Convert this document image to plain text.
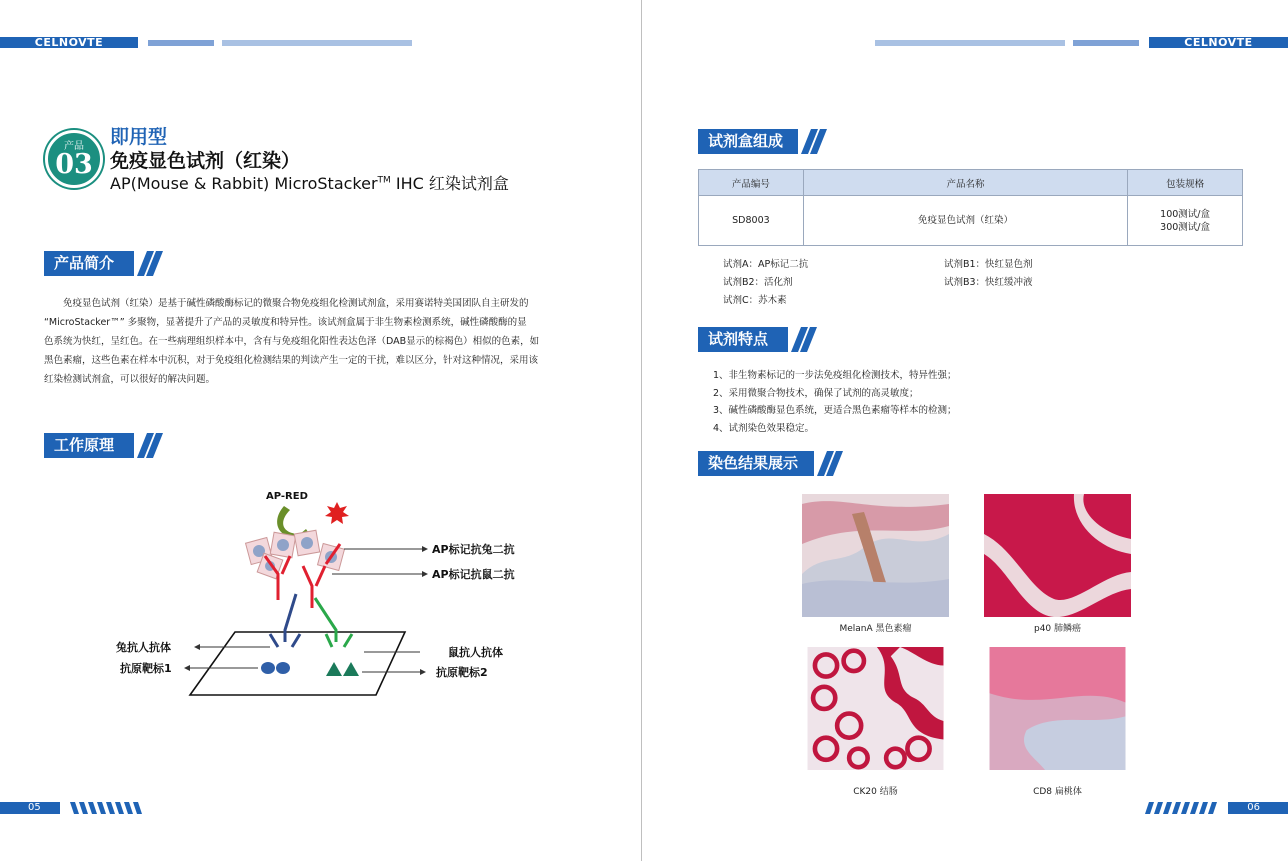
CELNOVTE
产品
03
即用型
免疫显色试剂（红染）
AP(Mouse & Rabbit) MicroStacker™ IHC 红染试剂盒
产品简介
　　免疫显色试剂（红染）是基于碱性磷酸酶标记的微聚合物免疫组化检测试剂盒，采用赛诺特美国团队自主研发的
“MicroStacker™” 多聚物，显著提升了产品的灵敏度和特异性。该试剂盒属于非生物素检测系统，碱性磷酸酶的显
色系统为快红，呈红色。在一些病理组织样本中，含有与免疫组化阳性表达色泽（DAB显示的棕褐色）相似的色素，如
黑色素瘤，这些色素在样本中沉积，对于免疫组化检测结果的判读产生一定的干扰，难以区分，针对这种情况，采用该
红染检测试剂盒，可以很好的解决问题。
工作原理
AP-RED
AP标记抗兔二抗
AP标记抗鼠二抗
兔抗人抗体
抗原靶标1
鼠抗人抗体
抗原靶标2
05
CELNOVTE
试剂盒组成
产品编号	产品名称	包装规格
SD8003	免疫显色试剂（红染）	100测试/盒
300测试/盒
试剂A：AP标记二抗	试剂B1：快红显色剂
试剂B2：活化剂	试剂B3：快红缓冲液
试剂C：苏木素
试剂特点
1、非生物素标记的一步法免疫组化检测技术，特异性强；
2、采用微聚合物技术，确保了试剂的高灵敏度；
3、碱性磷酸酶显色系统，更适合黑色素瘤等样本的检测；
4、试剂染色效果稳定。
染色结果展示
MelanA 黑色素瘤	p40 肺鳞癌
CK20 结肠	CD8 扁桃体
06
